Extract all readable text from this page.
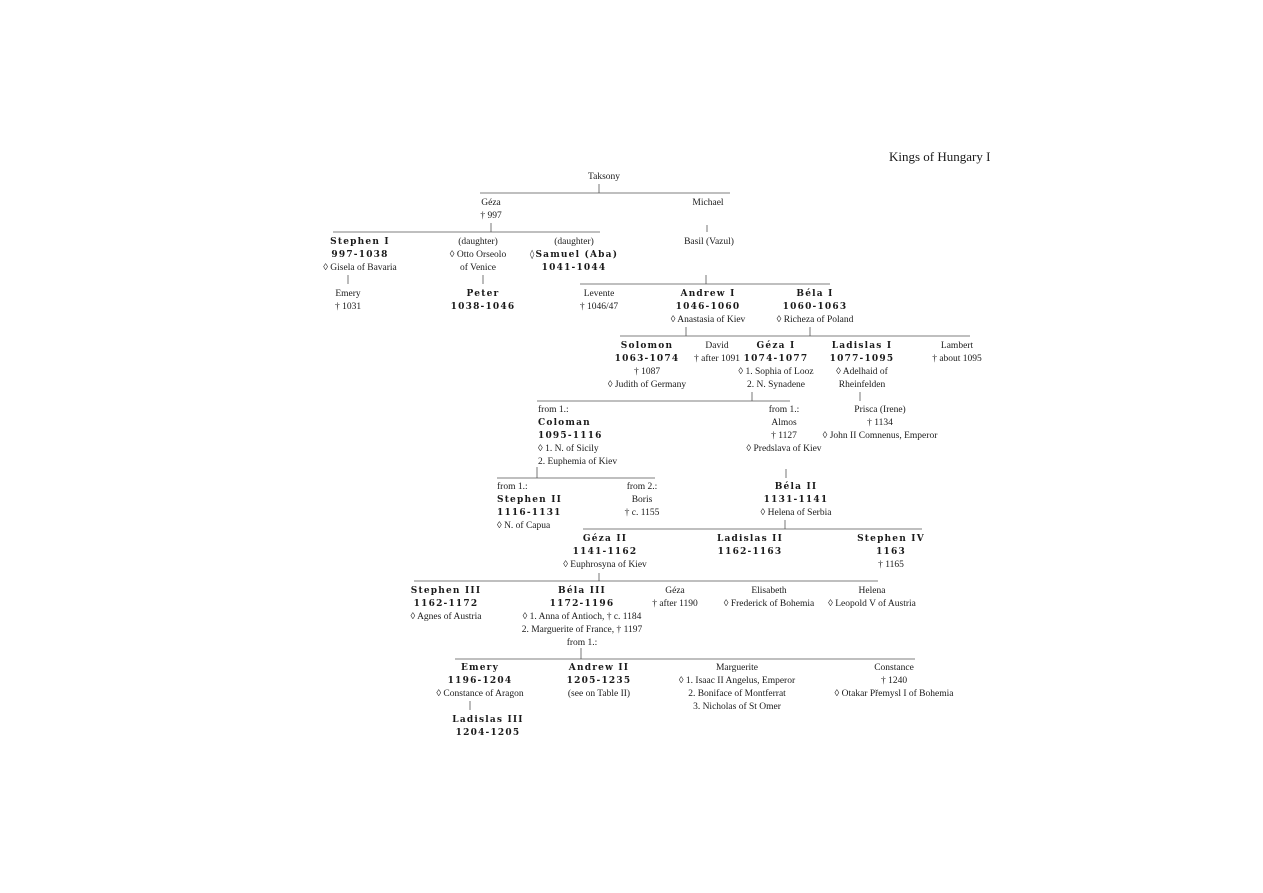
Kings of Hungary I
Taksony
Géza
† 997
Michael
Stephen I
997-1038
◊ Gisela of Bavaria
(daughter)
◊ Otto Orseolo
of Venice
(daughter)
◊Samuel (Aba)
1041-1044
Basil (Vazul)
Emery
† 1031
Peter
1038-1046
Levente
† 1046/47
Andrew I
1046-1060
◊ Anastasia of Kiev
Béla I
1060-1063
◊ Richeza of Poland
Solomon
1063-1074
† 1087
◊ Judith of Germany
David
† after 1091
Géza I
1074-1077
◊ 1. Sophia of Looz
2. N. Synadene
Ladislas I
1077-1095
◊ Adelhaid of
Rheinfelden
Lambert
† about 1095
from 1.:
Coloman
1095-1116
◊ 1. N. of Sicily
2. Euphemia of Kiev
from 1.:
Almos
† 1127
◊ Predslava of Kiev
Prisca (Irene)
† 1134
◊ John II Comnenus, Emperor
from 1.:
Stephen II
1116-1131
◊ N. of Capua
from 2.:
Boris
† c. 1155
Béla II
1131-1141
◊ Helena of Serbia
Géza II
1141-1162
◊ Euphrosyna of Kiev
Ladislas II
1162-1163
Stephen IV
1163
† 1165
Stephen III
1162-1172
◊ Agnes of Austria
Béla III
1172-1196
◊ 1. Anna of Antioch, † c. 1184
2. Marguerite of France, † 1197
from 1.:
Géza
† after 1190
Elisabeth
◊ Frederick of Bohemia
Helena
◊ Leopold V of Austria
Emery
1196-1204
◊ Constance of Aragon
Andrew II
1205-1235
(see on Table II)
Marguerite
◊ 1. Isaac II Angelus, Emperor
2. Boniface of Montferrat
3. Nicholas of St Omer
Constance
† 1240
◊ Otakar Přemysl I of Bohemia
Ladislas III
1204-1205
